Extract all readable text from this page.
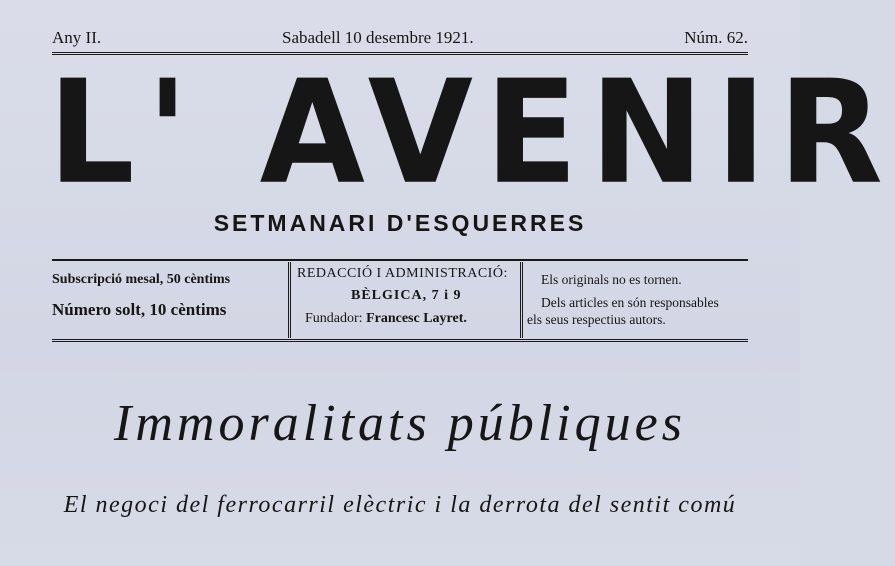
Any II.	Sabadell 10 desembre 1921.	Núm. 62.
L' AVENIR
SETMANARI D'ESQUERRES
Subscripció mesal, 50 cèntims
Número solt, 10 cèntims
REDACCIÓ I ADMINISTRACIÓ:
BÈLGICA, 7 i 9
Fundador: Francesc Layret.
Els originals no es tornen.
Dels articles en són responsables
els seus respectius autors.
Immoralitats públiques
El negoci del ferrocarril elèctric i la derrota del sentit comú
